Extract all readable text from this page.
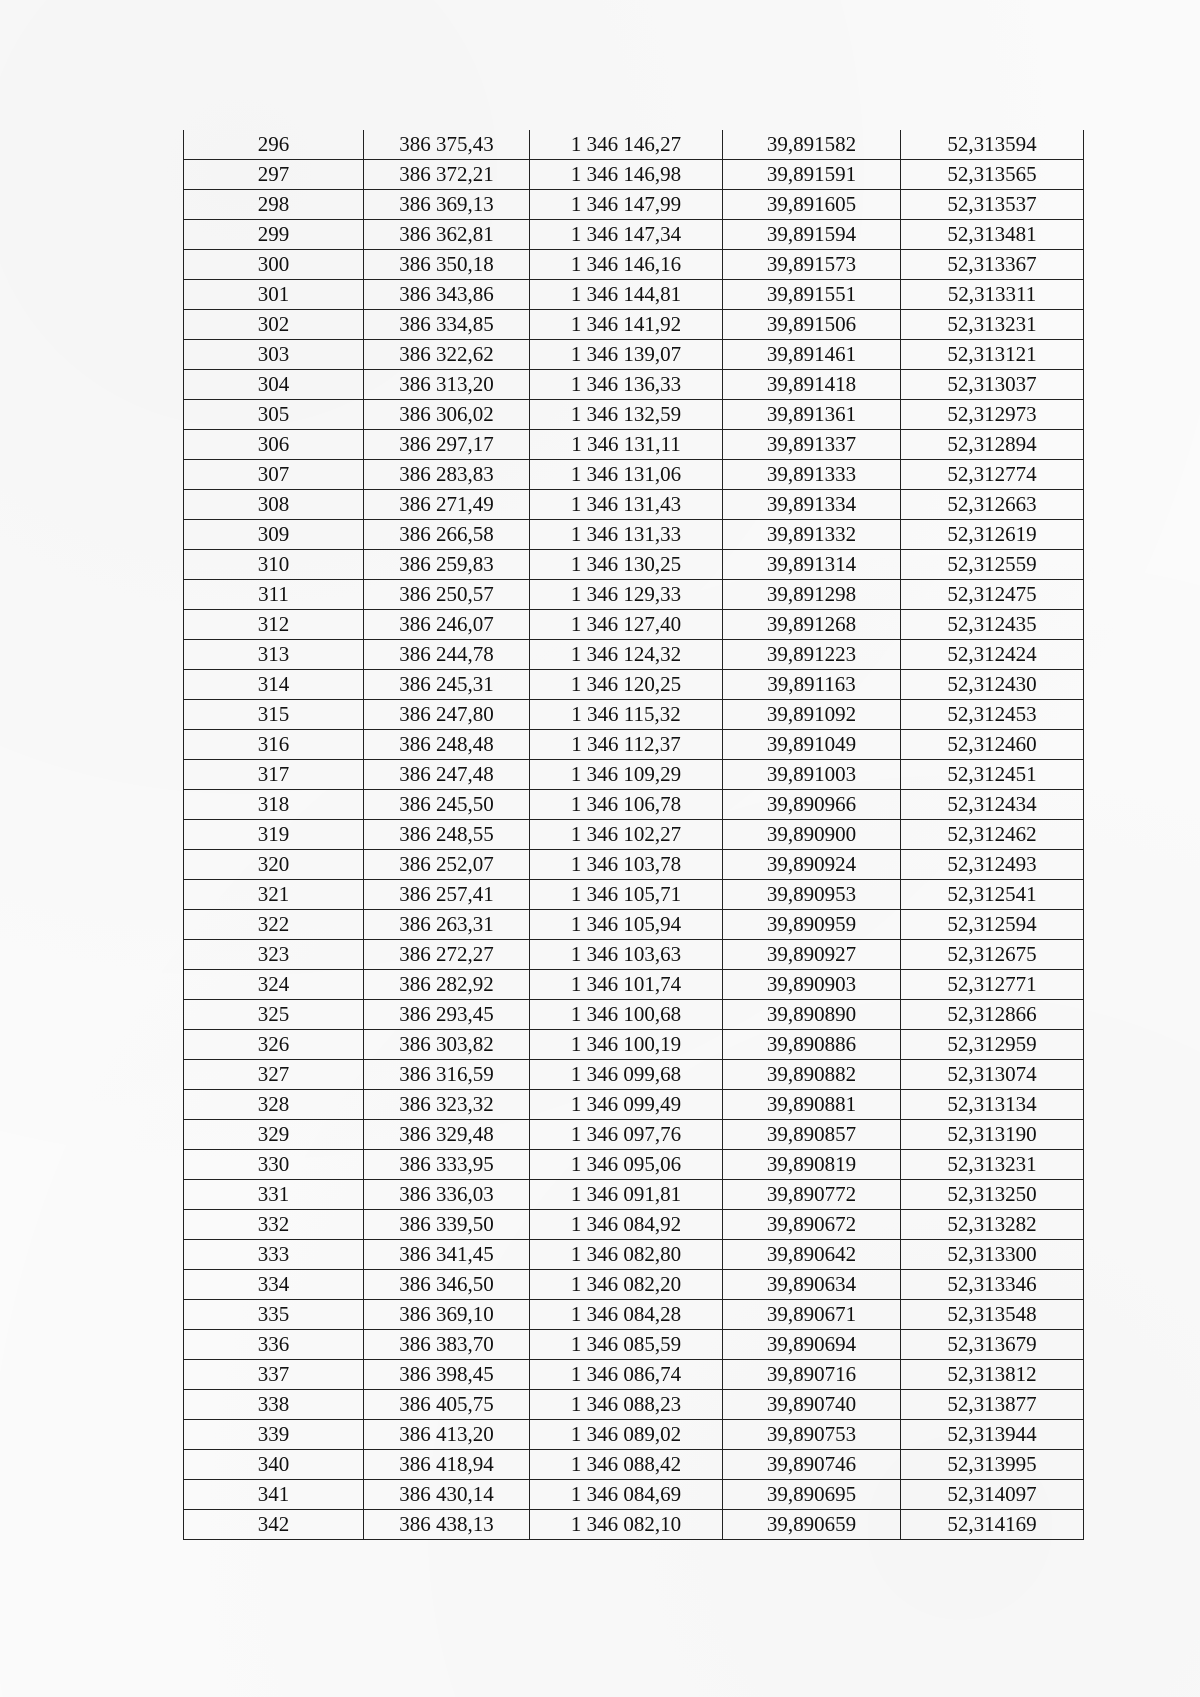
296	386 375,43	1 346 146,27	39,891582	52,313594
297	386 372,21	1 346 146,98	39,891591	52,313565
298	386 369,13	1 346 147,99	39,891605	52,313537
299	386 362,81	1 346 147,34	39,891594	52,313481
300	386 350,18	1 346 146,16	39,891573	52,313367
301	386 343,86	1 346 144,81	39,891551	52,313311
302	386 334,85	1 346 141,92	39,891506	52,313231
303	386 322,62	1 346 139,07	39,891461	52,313121
304	386 313,20	1 346 136,33	39,891418	52,313037
305	386 306,02	1 346 132,59	39,891361	52,312973
306	386 297,17	1 346 131,11	39,891337	52,312894
307	386 283,83	1 346 131,06	39,891333	52,312774
308	386 271,49	1 346 131,43	39,891334	52,312663
309	386 266,58	1 346 131,33	39,891332	52,312619
310	386 259,83	1 346 130,25	39,891314	52,312559
311	386 250,57	1 346 129,33	39,891298	52,312475
312	386 246,07	1 346 127,40	39,891268	52,312435
313	386 244,78	1 346 124,32	39,891223	52,312424
314	386 245,31	1 346 120,25	39,891163	52,312430
315	386 247,80	1 346 115,32	39,891092	52,312453
316	386 248,48	1 346 112,37	39,891049	52,312460
317	386 247,48	1 346 109,29	39,891003	52,312451
318	386 245,50	1 346 106,78	39,890966	52,312434
319	386 248,55	1 346 102,27	39,890900	52,312462
320	386 252,07	1 346 103,78	39,890924	52,312493
321	386 257,41	1 346 105,71	39,890953	52,312541
322	386 263,31	1 346 105,94	39,890959	52,312594
323	386 272,27	1 346 103,63	39,890927	52,312675
324	386 282,92	1 346 101,74	39,890903	52,312771
325	386 293,45	1 346 100,68	39,890890	52,312866
326	386 303,82	1 346 100,19	39,890886	52,312959
327	386 316,59	1 346 099,68	39,890882	52,313074
328	386 323,32	1 346 099,49	39,890881	52,313134
329	386 329,48	1 346 097,76	39,890857	52,313190
330	386 333,95	1 346 095,06	39,890819	52,313231
331	386 336,03	1 346 091,81	39,890772	52,313250
332	386 339,50	1 346 084,92	39,890672	52,313282
333	386 341,45	1 346 082,80	39,890642	52,313300
334	386 346,50	1 346 082,20	39,890634	52,313346
335	386 369,10	1 346 084,28	39,890671	52,313548
336	386 383,70	1 346 085,59	39,890694	52,313679
337	386 398,45	1 346 086,74	39,890716	52,313812
338	386 405,75	1 346 088,23	39,890740	52,313877
339	386 413,20	1 346 089,02	39,890753	52,313944
340	386 418,94	1 346 088,42	39,890746	52,313995
341	386 430,14	1 346 084,69	39,890695	52,314097
342	386 438,13	1 346 082,10	39,890659	52,314169
